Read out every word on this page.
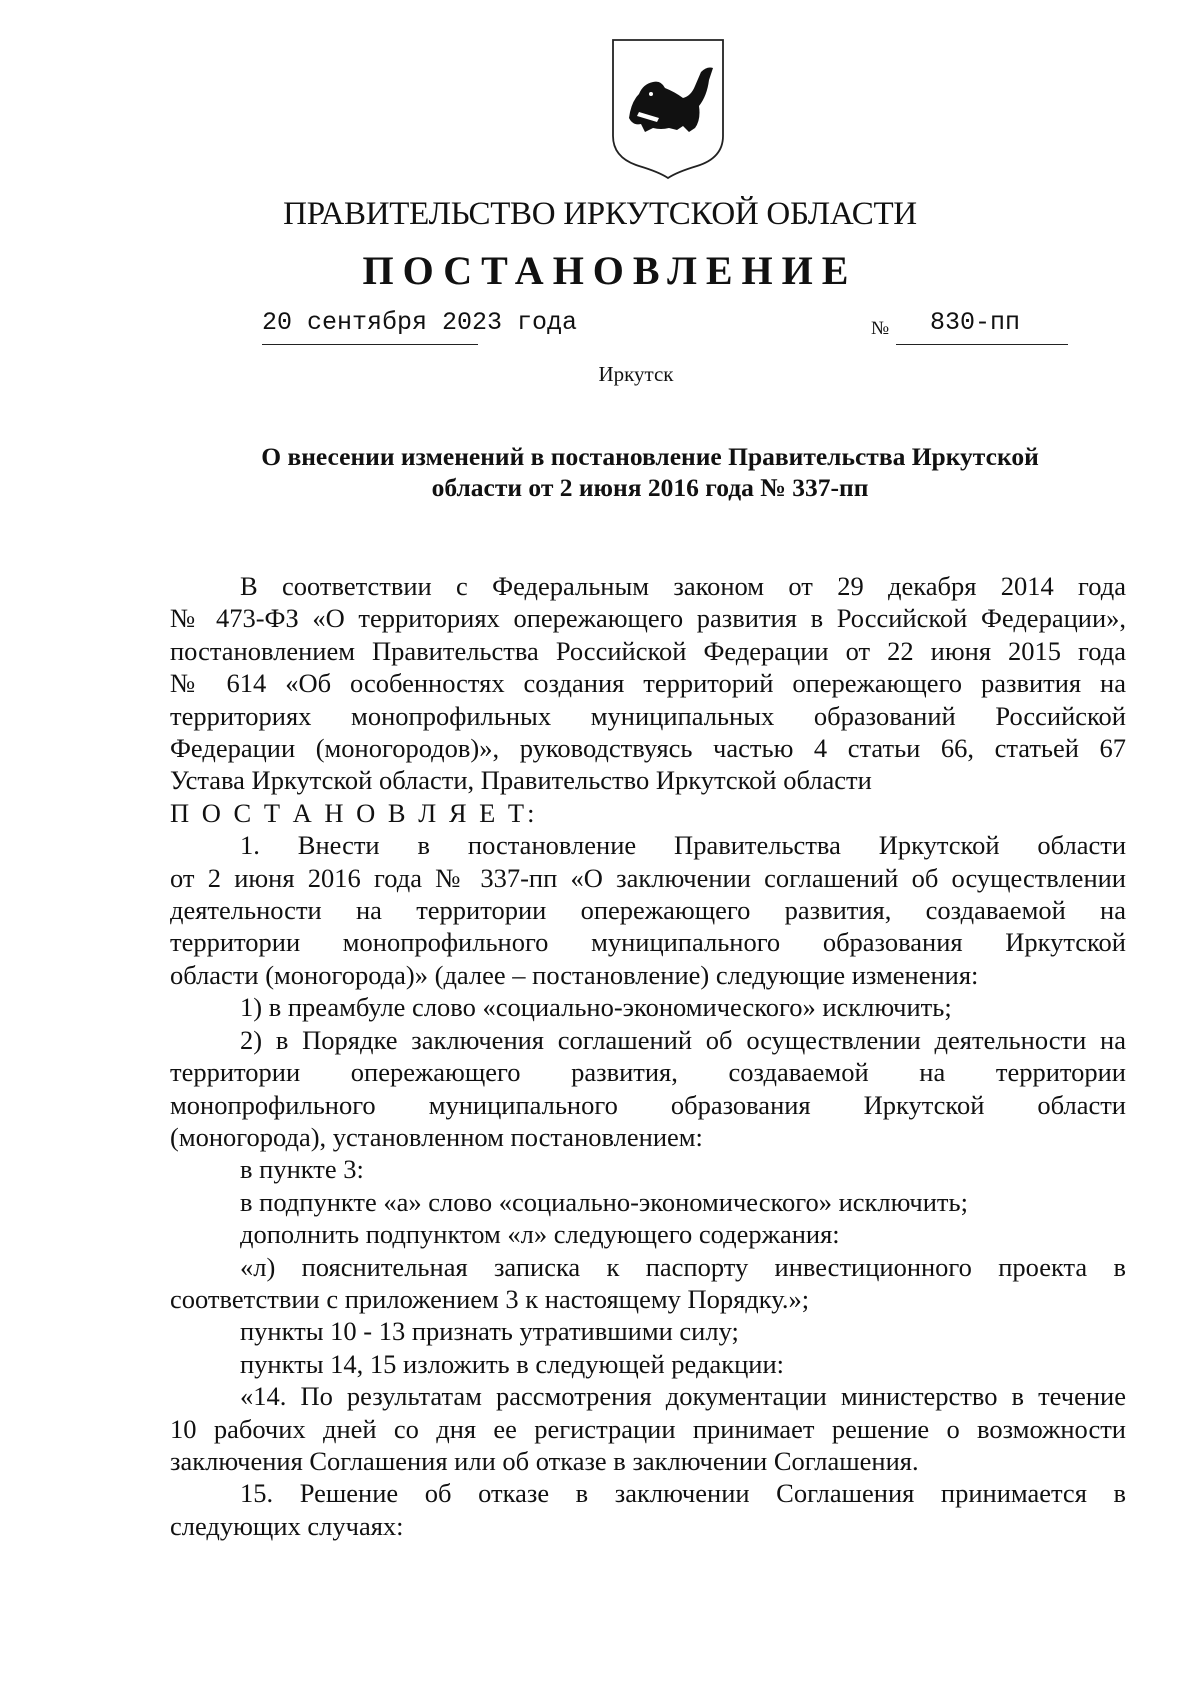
ПРАВИТЕЛЬСТВО ИРКУТСКОЙ ОБЛАСТИ
ПОСТАНОВЛЕНИЕ
20 сентября 2023 года	№ 830-пп
Иркутск
О внесении изменений в постановление Правительства Иркутской
области от 2 июня 2016 года № 337-пп

В соответствии с Федеральным законом от 29 декабря 2014 года

№ 473-ФЗ «О территориях опережающего развития в Российской Федерации»,

постановлением Правительства Российской Федерации от 22 июня 2015 года

№ 614 «Об особенностях создания территорий опережающего развития на

территориях монопрофильных муниципальных образований Российской

Федерации (моногородов)», руководствуясь частью 4 статьи 66, статьей 67

Устава Иркутской области, Правительство Иркутской области

П О С Т А Н О В Л Я Е Т:

1. Внести в постановление Правительства Иркутской области

от 2 июня 2016 года № 337-пп «О заключении соглашений об осуществлении

деятельности на территории опережающего развития, создаваемой на

территории монопрофильного муниципального образования Иркутской

области (моногорода)» (далее – постановление) следующие изменения:

1) в преамбуле слово «социально-экономического» исключить;

2) в Порядке заключения соглашений об осуществлении деятельности на

территории опережающего развития, создаваемой на территории

монопрофильного муниципального образования Иркутской области

(моногорода), установленном постановлением:

в пункте 3:

в подпункте «а» слово «социально-экономического» исключить;

дополнить подпунктом «л» следующего содержания:

«л) пояснительная записка к паспорту инвестиционного проекта в

соответствии с приложением 3 к настоящему Порядку.»;

пункты 10 - 13 признать утратившими силу;

пункты 14, 15 изложить в следующей редакции:

«14. По результатам рассмотрения документации министерство в течение

10 рабочих дней со дня ее регистрации принимает решение о возможности

заключения Соглашения или об отказе в заключении Соглашения.

15. Решение об отказе в заключении Соглашения принимается в

следующих случаях:
